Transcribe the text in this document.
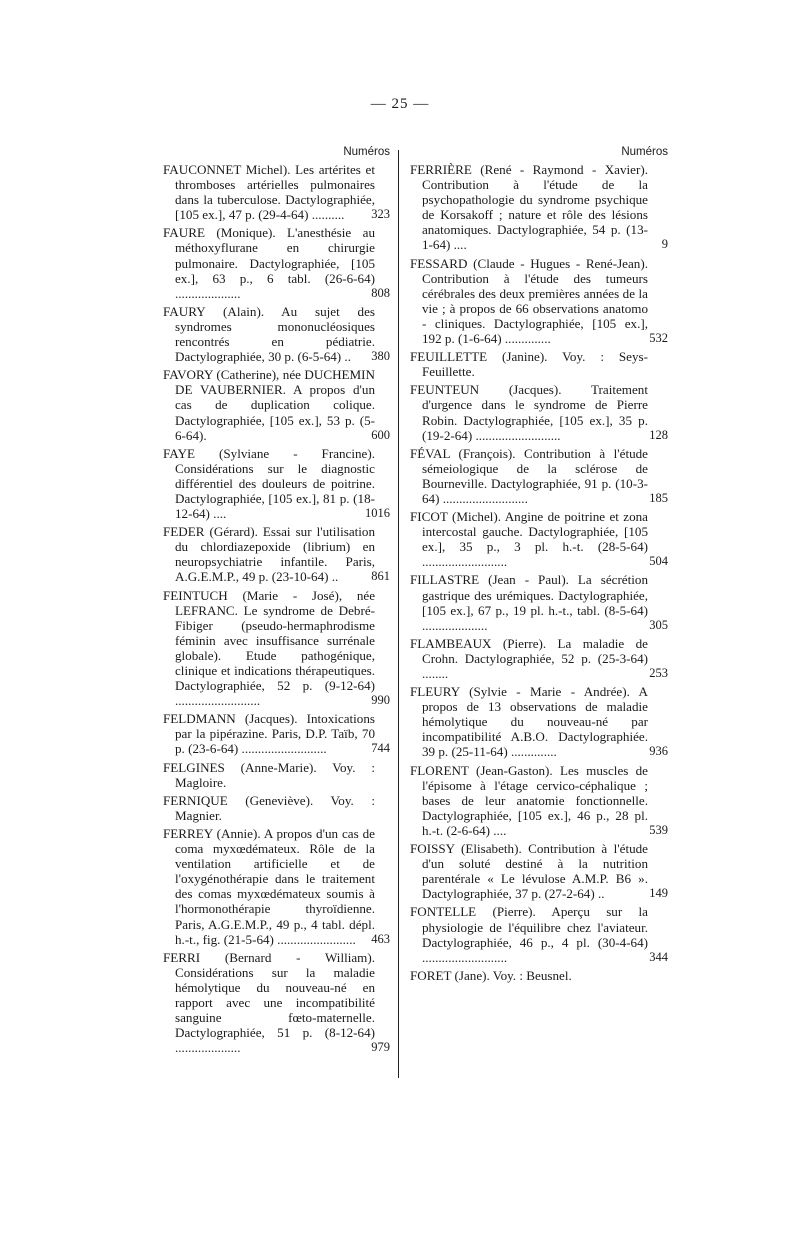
— 25 —
Numéros

FAUCONNET Michel). Les artérites et thromboses artérielles pulmonaires dans la tuberculose. Dactylographiée, [105 ex.], 47 p. (29-4-64) ..........	323

FAURE (Monique). L'anesthésie au méthoxyflurane en chirurgie pulmonaire. Dactylographiée, [105 ex.], 63 p., 6 tabl. (26-6-64) ....................	808

FAURY (Alain). Au sujet des syndromes mononucléosiques rencontrés en pédiatrie. Dactylographiée, 30 p. (6-5-64) ..	380

FAVORY (Catherine), née DUCHEMIN DE VAUBERNIER. A propos d'un cas de duplication colique. Dactylographiée, [105 ex.], 53 p. (5-6-64).	600

FAYE (Sylviane - Francine). Considérations sur le diagnostic différentiel des douleurs de poitrine. Dactylographiée, [105 ex.], 81 p. (18-12-64) ....	1016

FEDER (Gérard). Essai sur l'utilisation du chlordiazepoxide (librium) en neuropsychiatrie infantile. Paris, A.G.E.M.P., 49 p. (23-10-64) ..	861

FEINTUCH (Marie - José), née LEFRANC. Le syndrome de Debré-Fibiger (pseudo-hermaphrodisme féminin avec insuffisance surrénale globale). Etude pathogénique, clinique et indications thérapeutiques. Dactylographiée, 52 p. (9-12-64) ..........................	990

FELDMANN (Jacques). Intoxications par la pipérazine. Paris, D.P. Taïb, 70 p. (23-6-64) ..........................	744

FELGINES (Anne-Marie). Voy. : Magloire.

FERNIQUE (Geneviève). Voy. : Magnier.

FERREY (Annie). A propos d'un cas de coma myxœdémateux. Rôle de la ventilation artificielle et de l'oxygénothérapie dans le traitement des comas myxœdémateux soumis à l'hormonothérapie thyroïdienne. Paris, A.G.E.M.P., 49 p., 4 tabl. dépl. h.-t., fig. (21-5-64) ........................	463

FERRI (Bernard - William). Considérations sur la maladie hémolytique du nouveau-né en rapport avec une incompatibilité sanguine fœto-maternelle. Dactylographiée, 51 p. (8-12-64) ....................	979
Numéros

FERRIÈRE (René - Raymond - Xavier). Contribution à l'étude de la psychopathologie du syndrome psychique de Korsakoff ; nature et rôle des lésions anatomiques. Dactylographiée, 54 p. (13-1-64) ....	9

FESSARD (Claude - Hugues - René-Jean). Contribution à l'étude des tumeurs cérébrales des deux premières années de la vie ; à propos de 66 observations anatomo - cliniques. Dactylographiée, [105 ex.], 192 p. (1-6-64) ..............	532

FEUILLETTE (Janine). Voy. : Seys-Feuillette.

FEUNTEUN (Jacques). Traitement d'urgence dans le syndrome de Pierre Robin. Dactylographiée, [105 ex.], 35 p. (19-2-64) ..........................	128

FÉVAL (François). Contribution à l'étude sémeiologique de la sclérose de Bourneville. Dactylographiée, 91 p. (10-3-64) ..........................	185

FICOT (Michel). Angine de poitrine et zona intercostal gauche. Dactylographiée, [105 ex.], 35 p., 3 pl. h.-t. (28-5-64) ..........................	504

FILLASTRE (Jean - Paul). La sécrétion gastrique des urémiques. Dactylographiée, [105 ex.], 67 p., 19 pl. h.-t., tabl. (8-5-64) ....................	305

FLAMBEAUX (Pierre). La maladie de Crohn. Dactylographiée, 52 p. (25-3-64) ........	253

FLEURY (Sylvie - Marie - Andrée). A propos de 13 observations de maladie hémolytique du nouveau-né par incompatibilité A.B.O. Dactylographiée. 39 p. (25-11-64) ..............	936

FLORENT (Jean-Gaston). Les muscles de l'épisome à l'étage cervico-céphalique ; bases de leur anatomie fonctionnelle. Dactylographiée, [105 ex.], 46 p., 28 pl. h.-t. (2-6-64) ....	539

FOISSY (Elisabeth). Contribution à l'étude d'un soluté destiné à la nutrition parentérale « Le lévulose A.M.P. B6 ». Dactylographiée, 37 p. (27-2-64) ..	149

FONTELLE (Pierre). Aperçu sur la physiologie de l'équilibre chez l'aviateur. Dactylographiée, 46 p., 4 pl. (30-4-64) ..........................	344

FORET (Jane). Voy. : Beusnel.
